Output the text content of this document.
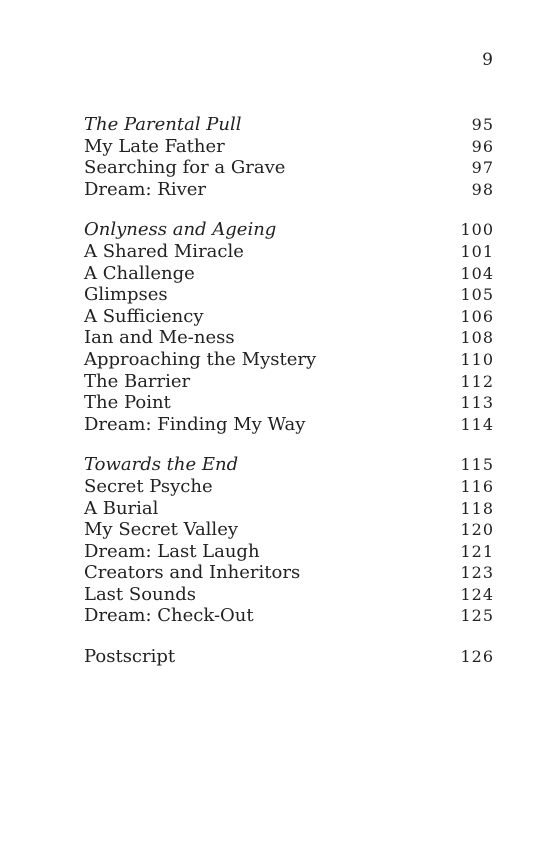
9
The Parental Pull	95
My Late Father	96
Searching for a Grave	97
Dream: River	98
Onlyness and Ageing	100
A Shared Miracle	101
A Challenge	104
Glimpses	105
A Sufficiency	106
Ian and Me-ness	108
Approaching the Mystery	110
The Barrier	112
The Point	113
Dream: Finding My Way	114
Towards the End	115
Secret Psyche	116
A Burial	118
My Secret Valley	120
Dream: Last Laugh	121
Creators and Inheritors	123
Last Sounds	124
Dream: Check-Out	125
Postscript	126
